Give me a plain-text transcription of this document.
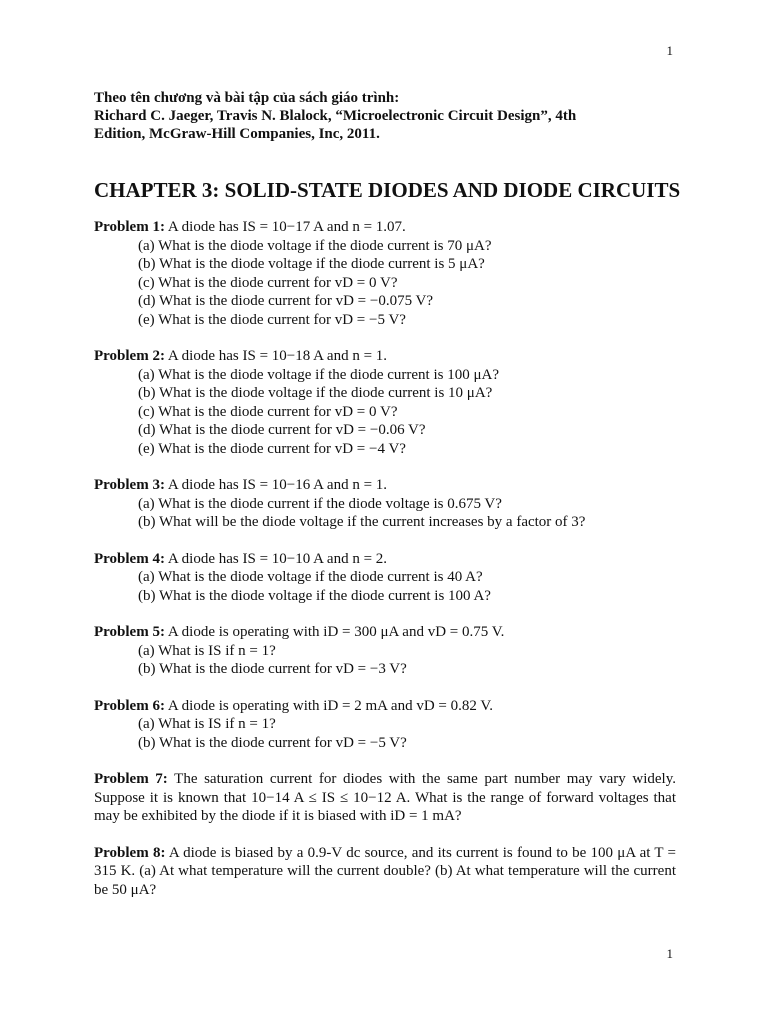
1
Theo tên chương và bài tập của sách giáo trình:
Richard C. Jaeger, Travis N. Blalock, “Microelectronic Circuit Design”, 4th
Edition, McGraw-Hill Companies, Inc, 2011.
CHAPTER 3: SOLID-STATE DIODES AND DIODE CIRCUITS
Problem 1: A diode has IS = 10−17 A and n = 1.07.
(a) What is the diode voltage if the diode current is 70 μA?
(b) What is the diode voltage if the diode current is 5 μA?
(c) What is the diode current for vD = 0 V?
(d) What is the diode current for vD = −0.075 V?
(e) What is the diode current for vD = −5 V?
Problem 2: A diode has IS = 10−18 A and n = 1.
(a) What is the diode voltage if the diode current is 100 μA?
(b) What is the diode voltage if the diode current is 10 μA?
(c) What is the diode current for vD = 0 V?
(d) What is the diode current for vD = −0.06 V?
(e) What is the diode current for vD = −4 V?
Problem 3: A diode has IS = 10−16 A and n = 1.
(a) What is the diode current if the diode voltage is 0.675 V?
(b) What will be the diode voltage if the current increases by a factor of 3?
Problem 4: A diode has IS = 10−10 A and n = 2.
(a) What is the diode voltage if the diode current is 40 A?
(b) What is the diode voltage if the diode current is 100 A?
Problem 5: A diode is operating with iD = 300 μA and vD = 0.75 V.
(a) What is IS if n = 1?
(b) What is the diode current for vD = −3 V?
Problem 6: A diode is operating with iD = 2 mA and vD = 0.82 V.
(a) What is IS if n = 1?
(b) What is the diode current for vD = −5 V?
Problem 7: The saturation current for diodes with the same part number may vary widely. Suppose it is known that 10−14 A ≤ IS ≤ 10−12 A. What is the range of forward voltages that may be exhibited by the diode if it is biased with iD = 1 mA?
Problem 8: A diode is biased by a 0.9-V dc source, and its current is found to be 100 μA at T = 315 K. (a) At what temperature will the current double? (b) At what temperature will the current be 50 μA?
1
